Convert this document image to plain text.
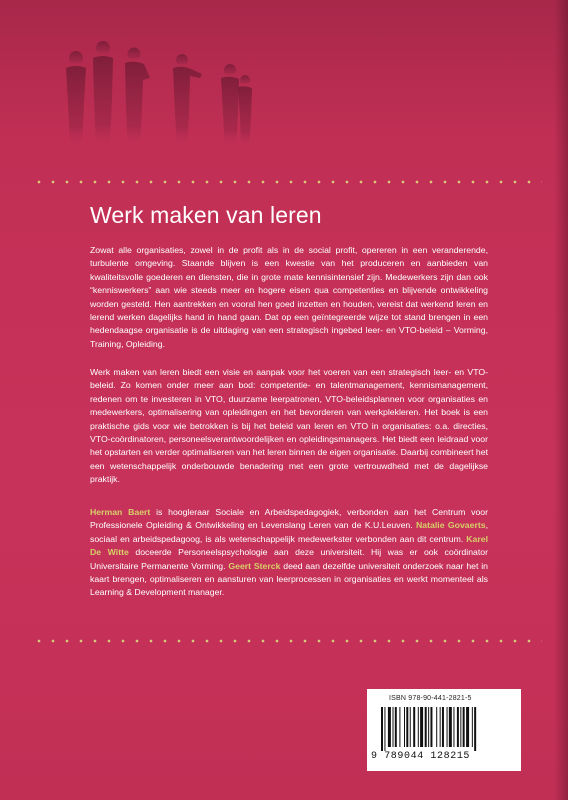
Werk maken van leren

Zowat alle organisaties, zowel in de profit als in de social profit, opereren in een veranderende, turbulente omgeving. Staande blijven is een kwestie van het produceren en aanbieden van kwaliteitsvolle goederen en diensten, die in grote mate kennisintensief zijn. Medewerkers zijn dan ook “kenniswerkers” aan wie steeds meer en hogere eisen qua competenties en blijvende ontwikkeling worden gesteld. Hen aantrekken en vooral hen goed inzetten en houden, vereist dat werkend leren en lerend werken dagelijks hand in hand gaan. Dat op een geïntegreerde wijze tot stand brengen in een hedendaagse organisatie is de uitdaging van een strategisch ingebed leer- en VTO-beleid – Vorming, Training, Opleiding.

Werk maken van leren biedt een visie en aanpak voor het voeren van een strategisch leer- en VTO-beleid. Zo komen onder meer aan bod: competentie- en talentmanagement, kennismanagement, redenen om te investeren in VTO, duurzame leerpatronen, VTO-beleidsplannen voor organisaties en medewerkers, optimalisering van opleidingen en het bevorderen van werkplekleren. Het boek is een praktische gids voor wie betrokken is bij het beleid van leren en VTO in organisaties: o.a. directies, VTO-coördinatoren, personeelsverantwoordelijken en opleidingsmanagers. Het biedt een leidraad voor het opstarten en verder optimaliseren van het leren binnen de eigen organisatie. Daarbij combineert het een wetenschappelijk onderbouwde benadering met een grote vertrouwdheid met de dagelijkse praktijk.

Herman Baert is hoogleraar Sociale en Arbeidspedagogiek, verbonden aan het Centrum voor Professionele Opleiding & Ontwikkeling en Levenslang Leren van de K.U.Leuven. Natalie Govaerts, sociaal en arbeidspedagoog, is als wetenschappelijk medewerkster verbonden aan dit centrum. Karel De Witte doceerde Personeelspsychologie aan deze universiteit. Hij was er ook coördinator Universitaire Permanente Vorming. Geert Sterck deed aan dezelfde universiteit onderzoek naar het in kaart brengen, optimaliseren en aansturen van leerprocessen in organisaties en werkt momenteel als Learning & Development manager.

ISBN 978-90-441-2821-5
9 789044 128215
